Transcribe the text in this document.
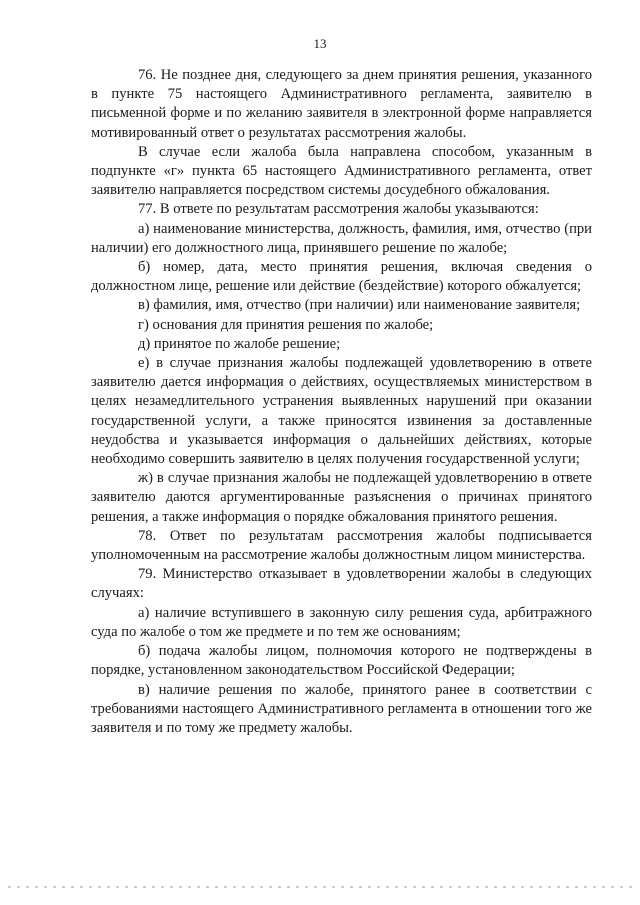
13

76. Не позднее дня, следующего за днем принятия решения, указанного в пункте 75 настоящего Административного регламента, заявителю в письменной форме и по желанию заявителя в электронной форме направляется мотивированный ответ о результатах рассмотрения жалобы.

В случае если жалоба была направлена способом, указанным в подпункте «г» пункта 65 настоящего Административного регламента, ответ заявителю направляется посредством системы досудебного обжалования.

77. В ответе по результатам рассмотрения жалобы указываются:

а) наименование министерства, должность, фамилия, имя, отчество (при наличии) его должностного лица, принявшего решение по жалобе;

б) номер, дата, место принятия решения, включая сведения о должностном лице, решение или действие (бездействие) которого обжалуется;

в) фамилия, имя, отчество (при наличии) или наименование заявителя;

г) основания для принятия решения по жалобе;

д) принятое по жалобе решение;

е) в случае признания жалобы подлежащей удовлетворению в ответе заявителю дается информация о действиях, осуществляемых министерством в целях незамедлительного устранения выявленных нарушений при оказании государственной услуги, а также приносятся извинения за доставленные неудобства и указывается информация о дальнейших действиях, которые необходимо совершить заявителю в целях получения государственной услуги;

ж) в случае признания жалобы не подлежащей удовлетворению в ответе заявителю даются аргументированные разъяснения о причинах принятого решения, а также информация о порядке обжалования принятого решения.

78. Ответ по результатам рассмотрения жалобы подписывается уполномоченным на рассмотрение жалобы должностным лицом министерства.

79. Министерство отказывает в удовлетворении жалобы в следующих случаях:

а) наличие вступившего в законную силу решения суда, арбитражного суда по жалобе о том же предмете и по тем же основаниям;

б) подача жалобы лицом, полномочия которого не подтверждены в порядке, установленном законодательством Российской Федерации;

в) наличие решения по жалобе, принятого ранее в соответствии с требованиями настоящего Административного регламента в отношении того же заявителя и по тому же предмету жалобы.
